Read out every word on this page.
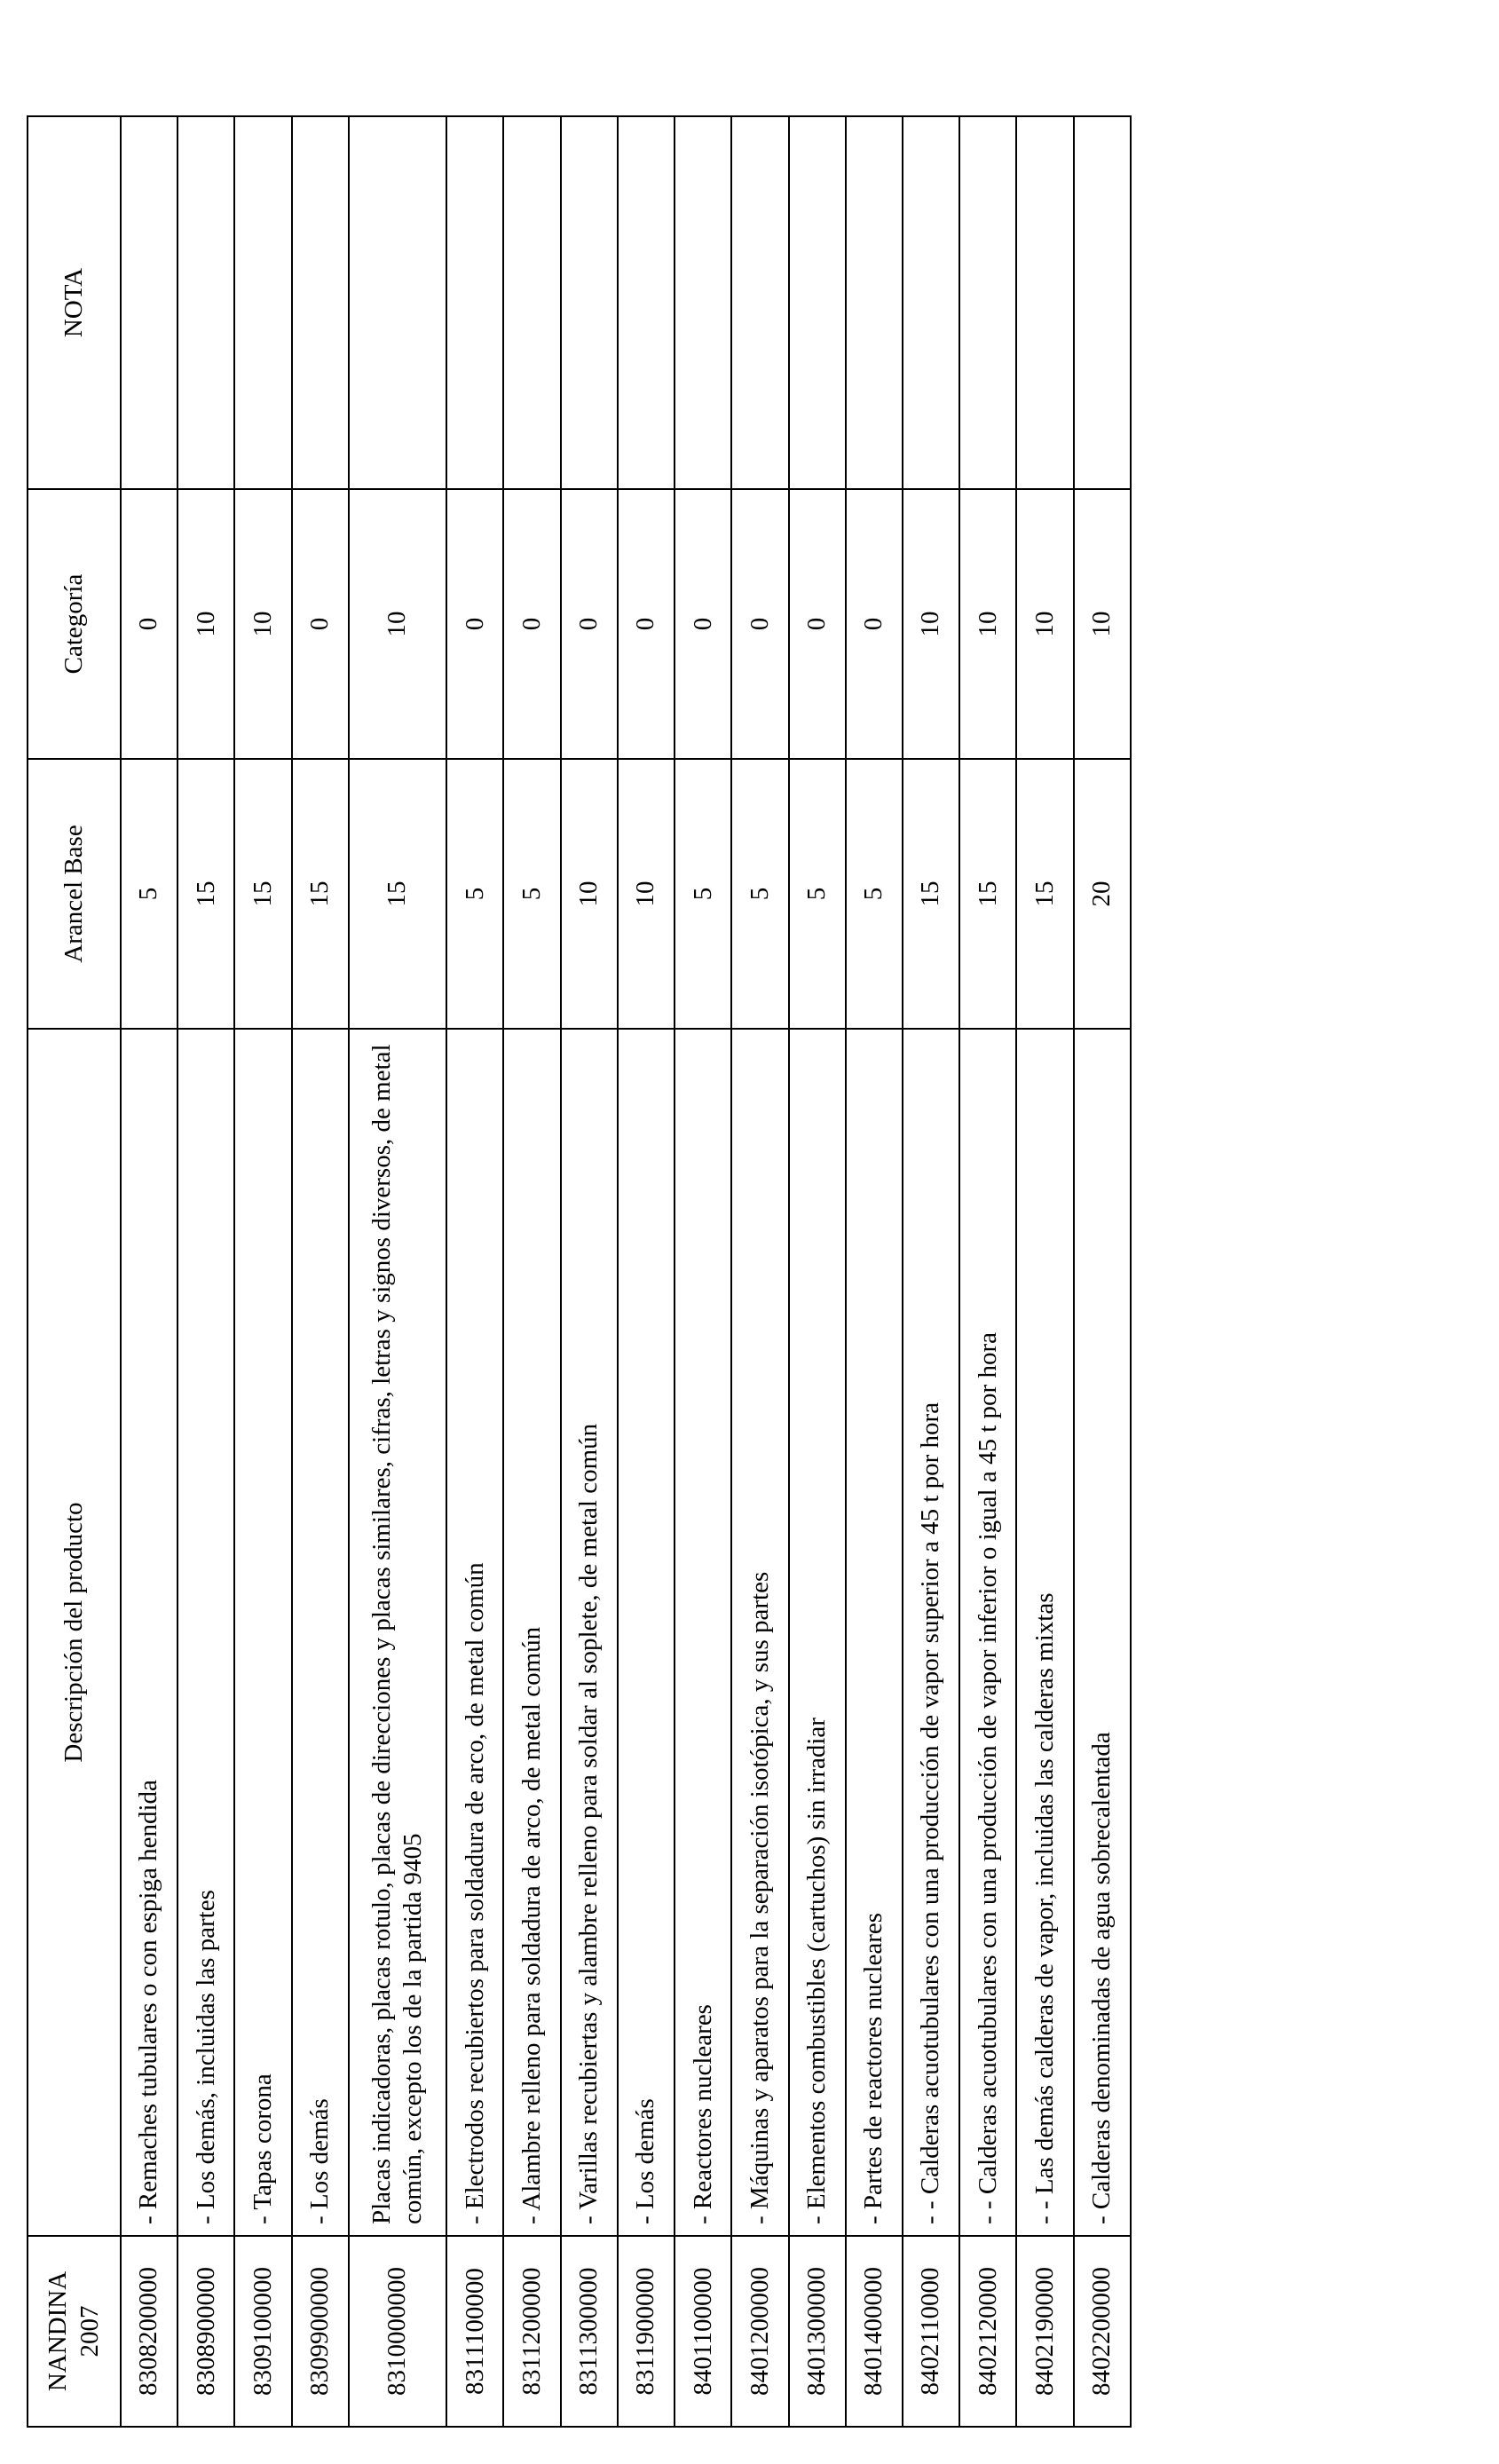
NANDINA 2007	Descripción del producto	Arancel Base	Categoría	NOTA
8308200000	- Remaches tubulares o con espiga hendida	5	0	
8308900000	- Los demás, incluidas las partes	15	10	
8309100000	- Tapas corona	15	10	
8309900000	- Los demás	15	0	
8310000000	Placas indicadoras, placas rotulo, placas de direcciones y placas similares, cifras, letras y signos diversos, de metal común, excepto los de la partida 9405	15	10	
8311100000	- Electrodos recubiertos para soldadura de arco, de metal común	5	0	
8311200000	- Alambre relleno para soldadura de arco, de metal común	5	0	
8311300000	- Varillas recubiertas y alambre relleno para soldar al soplete, de metal común	10	0	
8311900000	- Los demás	10	0	
8401100000	- Reactores nucleares	5	0	
8401200000	- Máquinas y aparatos para la separación isotópica, y sus partes	5	0	
8401300000	- Elementos combustibles (cartuchos) sin irradiar	5	0	
8401400000	- Partes de reactores nucleares	5	0	
8402110000	- - Calderas acuotubulares con una producción de vapor superior a 45 t por hora	15	10	
8402120000	- - Calderas acuotubulares con una producción de vapor inferior o igual a 45 t por hora	15	10	
8402190000	- - Las demás calderas de vapor, incluidas las calderas mixtas	15	10	
8402200000	- Calderas denominadas de agua sobrecalentada	20	10	
